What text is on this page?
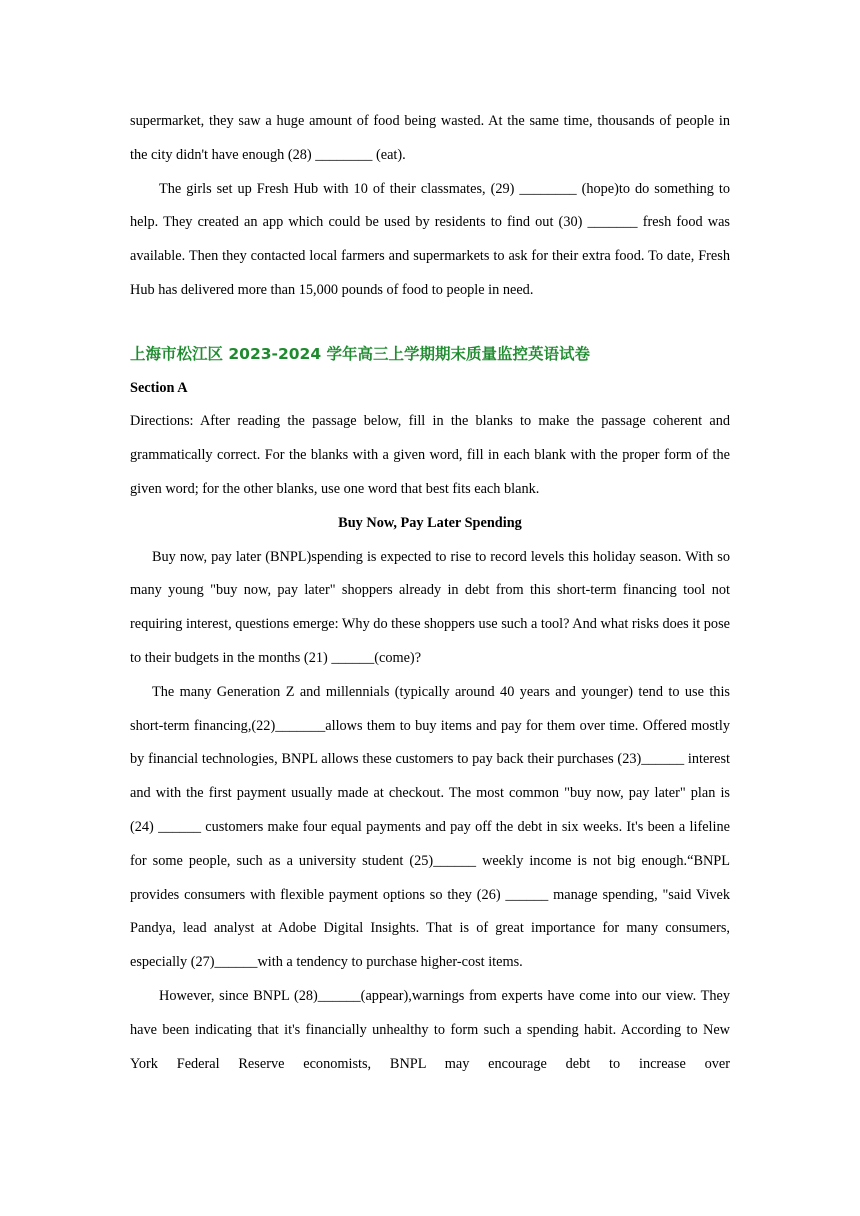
supermarket, they saw a huge amount of food being wasted. At the same time, thousands of people in the city didn't have enough (28) ________ (eat).

The girls set up Fresh Hub with 10 of their classmates, (29) ________ (hope)to do something to help. They created an app which could be used by residents to find out (30) _______ fresh food was available. Then they contacted local farmers and supermarkets to ask for their extra food. To date, Fresh Hub has delivered more than 15,000 pounds of food to people in need.

上海市松江区 2023-2024 学年高三上学期期末质量监控英语试卷

Section A

Directions: After reading the passage below, fill in the blanks to make the passage coherent and grammatically correct. For the blanks with a given word, fill in each blank with the proper form of the given word; for the other blanks, use one word that best fits each blank.

Buy Now, Pay Later Spending

Buy now, pay later (BNPL)spending is expected to rise to record levels this holiday season. With so many young "buy now, pay later" shoppers already in debt from this short-term financing tool not requiring interest, questions emerge: Why do these shoppers use such a tool? And what risks does it pose to their budgets in the months (21) ______(come)?

The many Generation Z and millennials (typically around 40 years and younger) tend to use this short-term financing,(22)_______allows them to buy items and pay for them over time. Offered mostly by financial technologies, BNPL allows these customers to pay back their purchases (23)______ interest and with the first payment usually made at checkout. The most common "buy now, pay later" plan is (24) ______ customers make four equal payments and pay off the debt in six weeks. It's been a lifeline for some people, such as a university student (25)______ weekly income is not big enough.“BNPL provides consumers with flexible payment options so they (26) ______ manage spending, "said Vivek Pandya, lead analyst at Adobe Digital Insights. That is of great importance for many consumers, especially (27)______with a tendency to purchase higher-cost items.

However, since BNPL (28)______(appear),warnings from experts have come into our view. They have been indicating that it's financially unhealthy to form such a spending habit. According to New York Federal Reserve economists, BNPL may encourage debt to increase over
